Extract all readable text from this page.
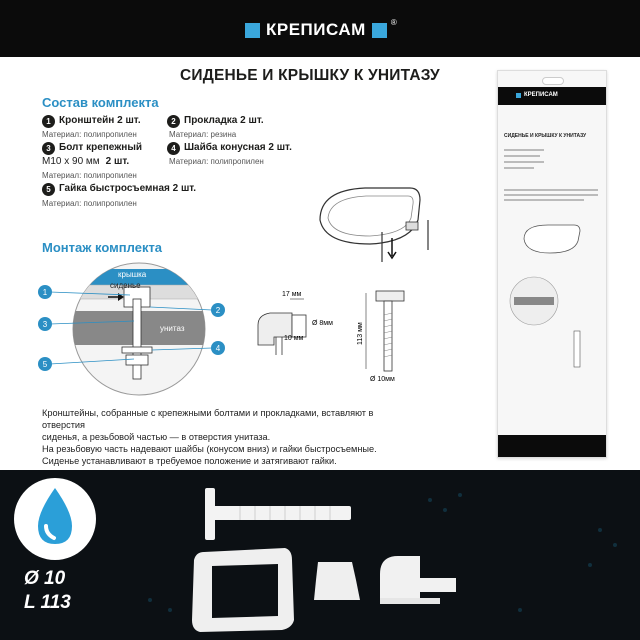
КРЕПИСАМ	®
СИДЕНЬЕ И КРЫШКУ К УНИТАЗУ
Состав комплекта
1 Кронштейн 2 шт.
Материал: полипропилен
2 Прокладка 2 шт.
Материал: резина
3 Болт крепежный
М10 х 90 мм 2 шт.
Материал: полипропилен
4 Шайба конусная 2 шт.
Материал: полипропилен
5 Гайка быстросъемная 2 шт.
Материал: полипропилен
Монтаж комплекта
крышка
сиденье
унитаз
1
3
5
2
4
17 мм
10 мм
Ø 8мм	113 мм
Ø 10мм
Кронштейны, собранные с крепежными болтами и прокладками, вставляют в отверстия
сиденья, а резьбовой частью — в отверстия унитаза.
На резьбовую часть надевают шайбы (конусом вниз) и гайки быстросъемные.
Сиденье устанавливают в требуемое положение и затягивают гайки.
КРЕПИСАМ
СИДЕНЬЕ И КРЫШКУ К УНИТАЗУ
Ø 10
L 113
